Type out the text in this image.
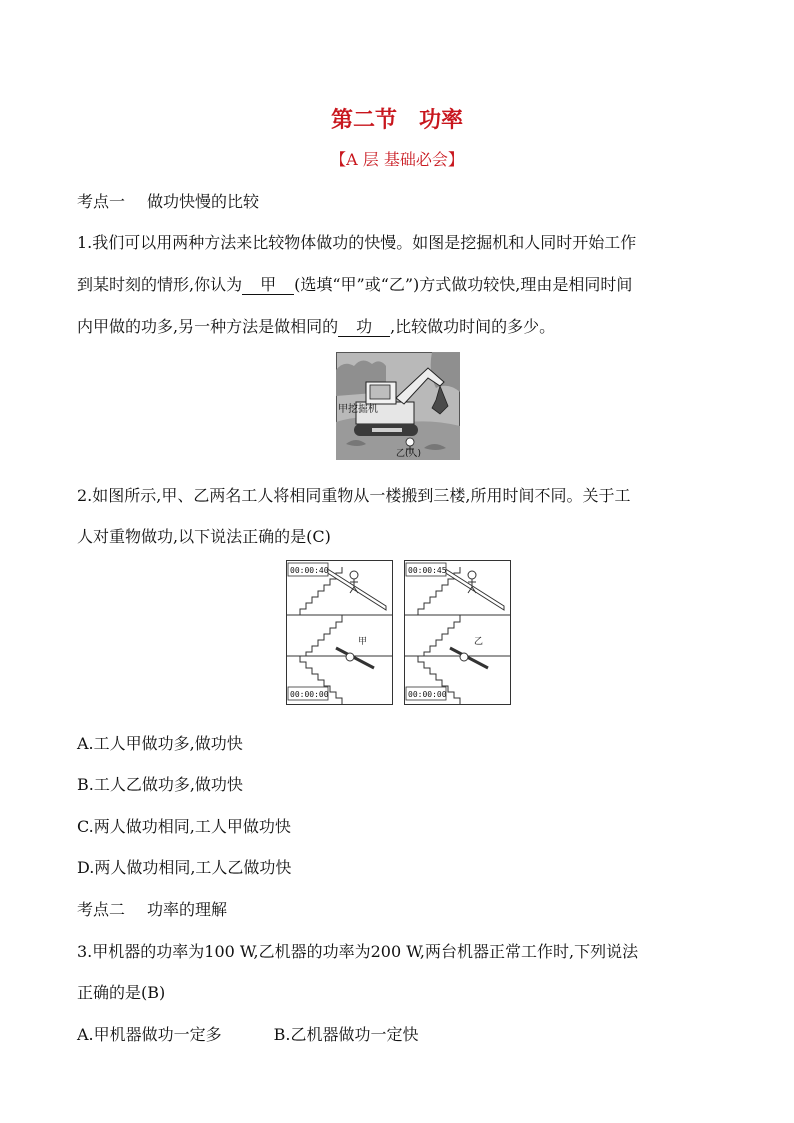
第二节 功率
【A 层 基础必会】
考点一 做功快慢的比较
1.我们可以用两种方法来比较物体做功的快慢。如图是挖掘机和人同时开始工作
到某时刻的情形,你认为 甲 (选填“甲”或“乙”)方式做功较快,理由是相同时间
内甲做的功多,另一种方法是做相同的 功 ,比较做功时间的多少。
甲挖掘机
乙(人)
2.如图所示,甲、乙两名工人将相同重物从一楼搬到三楼,所用时间不同。关于工
人对重物做功,以下说法正确的是(C)
00:00:40
00:00:00
甲
00:00:45
00:00:00
乙
A.工人甲做功多,做功快
B.工人乙做功多,做功快
C.两人做功相同,工人甲做功快
D.两人做功相同,工人乙做功快
考点二 功率的理解
3.甲机器的功率为100 W,乙机器的功率为200 W,两台机器正常工作时,下列说法
正确的是(B)
A.甲机器做功一定多	B.乙机器做功一定快
